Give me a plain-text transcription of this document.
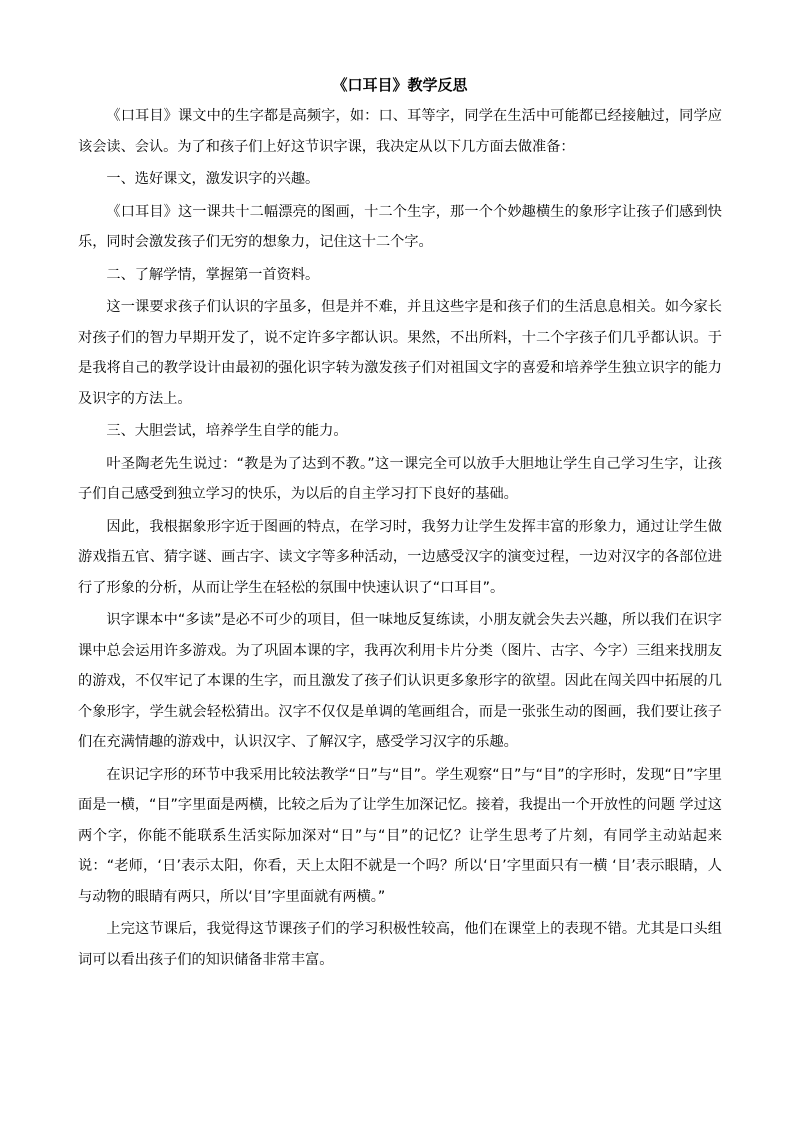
《口耳目》教学反思

《口耳目》课文中的生字都是高频字，如：口、耳等字，同学在生活中可能都已经接触过，同学应该会读、会认。为了和孩子们上好这节识字课，我决定从以下几方面去做准备：

一、选好课文，激发识字的兴趣。

《口耳目》这一课共十二幅漂亮的图画，十二个生字，那一个个妙趣横生的象形字让孩子们感到快乐，同时会激发孩子们无穷的想象力，记住这十二个字。

二、了解学情，掌握第一首资料。

这一课要求孩子们认识的字虽多，但是并不难，并且这些字是和孩子们的生活息息相关。如今家长对孩子们的智力早期开发了，说不定许多字都认识。果然，不出所料，十二个字孩子们几乎都认识。于是我将自己的教学设计由最初的强化识字转为激发孩子们对祖国文字的喜爱和培养学生独立识字的能力及识字的方法上。

三、大胆尝试，培养学生自学的能力。

叶圣陶老先生说过：“教是为了达到不教。”这一课完全可以放手大胆地让学生自己学习生字，让孩子们自己感受到独立学习的快乐，为以后的自主学习打下良好的基础。

因此，我根据象形字近于图画的特点，在学习时，我努力让学生发挥丰富的形象力，通过让学生做游戏指五官、猜字谜、画古字、读文字等多种活动，一边感受汉字的演变过程，一边对汉字的各部位进行了形象的分析，从而让学生在轻松的氛围中快速认识了“口耳目”。

识字课本中“多读”是必不可少的项目，但一味地反复练读，小朋友就会失去兴趣，所以我们在识字课中总会运用许多游戏。为了巩固本课的字，我再次利用卡片分类（图片、古字、今字）三组来找朋友的游戏，不仅牢记了本课的生字，而且激发了孩子们认识更多象形字的欲望。因此在闯关四中拓展的几个象形字，学生就会轻松猜出。汉字不仅仅是单调的笔画组合，而是一张张生动的图画，我们要让孩子们在充满情趣的游戏中，认识汉字、了解汉字，感受学习汉字的乐趣。

在识记字形的环节中我采用比较法教学“日”与“目”。学生观察“日”与“目”的字形时，发现“日”字里面是一横，“目”字里面是两横，比较之后为了让学生加深记忆。接着，我提出一个开放性的问题 学过这两个字，你能不能联系生活实际加深对“日”与“目”的记忆？让学生思考了片刻，有同学主动站起来说：“老师，‘日’表示太阳，你看，天上太阳不就是一个吗？所以‘日’字里面只有一横 ‘目’表示眼睛，人与动物的眼睛有两只，所以‘目’字里面就有两横。”

上完这节课后，我觉得这节课孩子们的学习积极性较高，他们在课堂上的表现不错。尤其是口头组词可以看出孩子们的知识储备非常丰富。
